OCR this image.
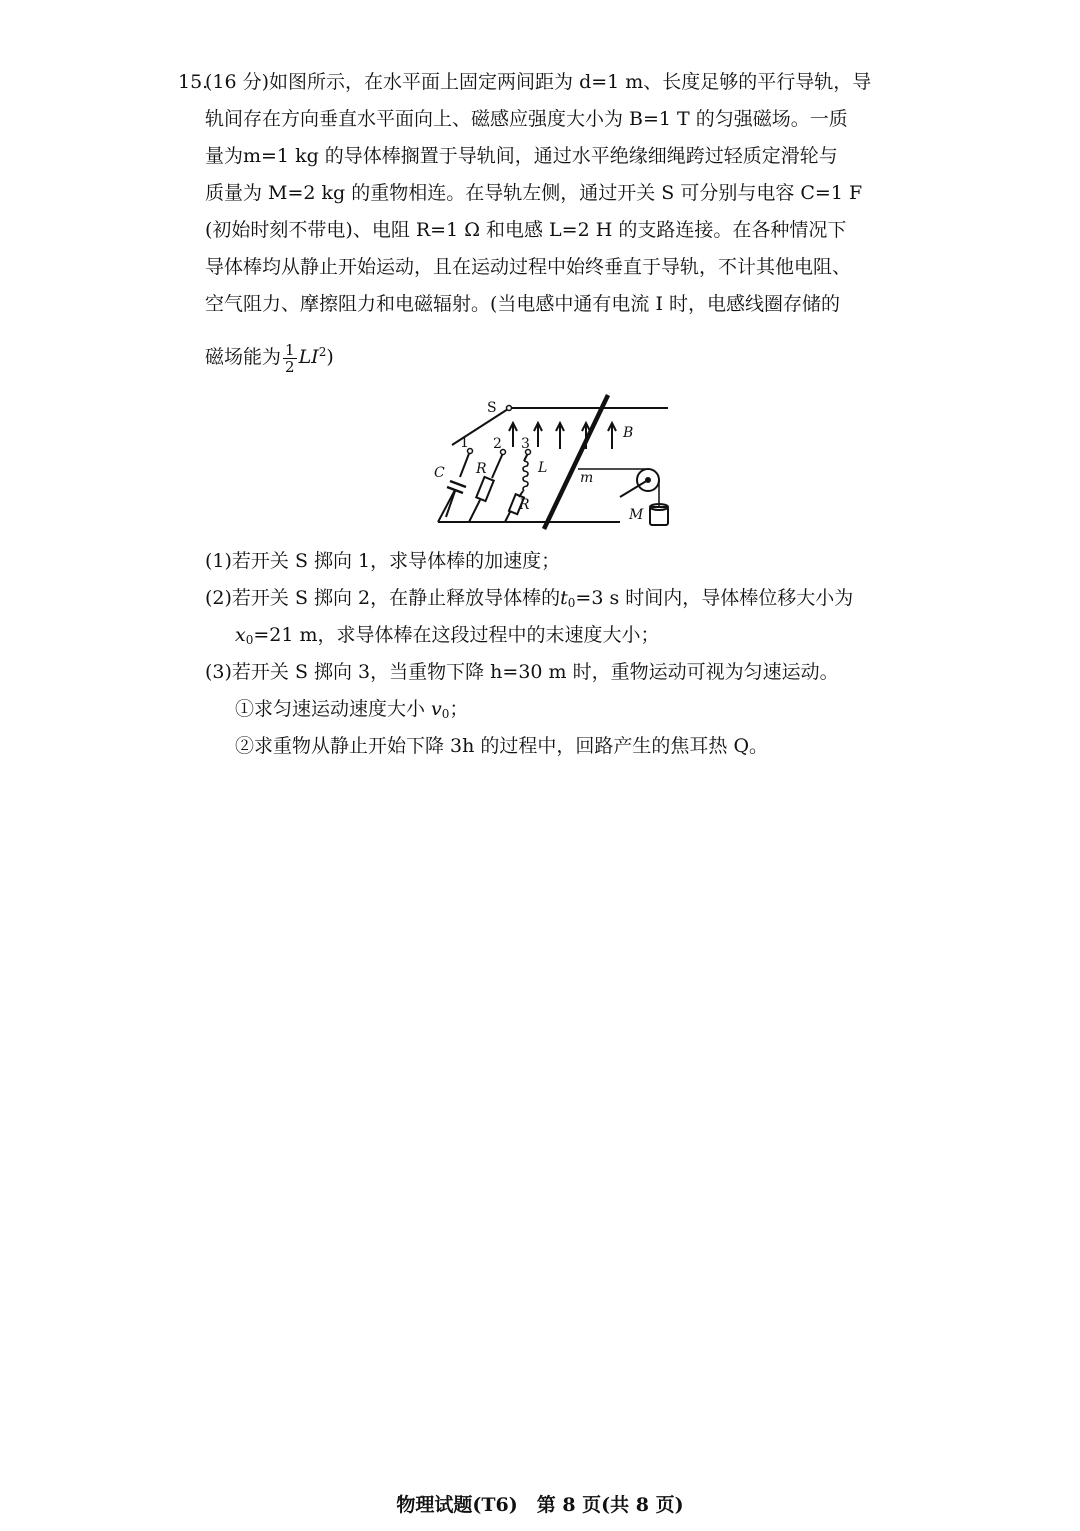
15.
(16 分)如图所示，在水平面上固定两间距为 d=1 m、长度足够的平行导轨，导
轨间存在方向垂直水平面向上、磁感应强度大小为 B=1 T 的匀强磁场。一质
量为m=1 kg 的导体棒搁置于导轨间，通过水平绝缘细绳跨过轻质定滑轮与
质量为 M=2 kg 的重物相连。在导轨左侧，通过开关 S 可分别与电容 C=1 F
(初始时刻不带电)、电阻 R=1 Ω 和电感 L=2 H 的支路连接。在各种情况下
导体棒均从静止开始运动，且在运动过程中始终垂直于导轨，不计其他电阻、
空气阻力、摩擦阻力和电磁辐射。(当电感中通有电流 I 时，电感线圈存储的
磁场能为 $\frac{1}{2} LI^2$)
S
1 2 3
C R	L
R
m
B
M
(1)若开关 S 掷向 1，求导体棒的加速度；
(2)若开关 S 掷向 2，在静止释放导体棒的$t_0=3$ s 时间内，导体棒位移大小为
$x_0=21$ m，求导体棒在这段过程中的末速度大小；
(3)若开关 S 掷向 3，当重物下降 h=30 m 时，重物运动可视为匀速运动。
①求匀速运动速度大小 $v_0$；
②求重物从静止开始下降 3h 的过程中，回路产生的焦耳热 Q。
物理试题(T6)　第 8 页(共 8 页)
